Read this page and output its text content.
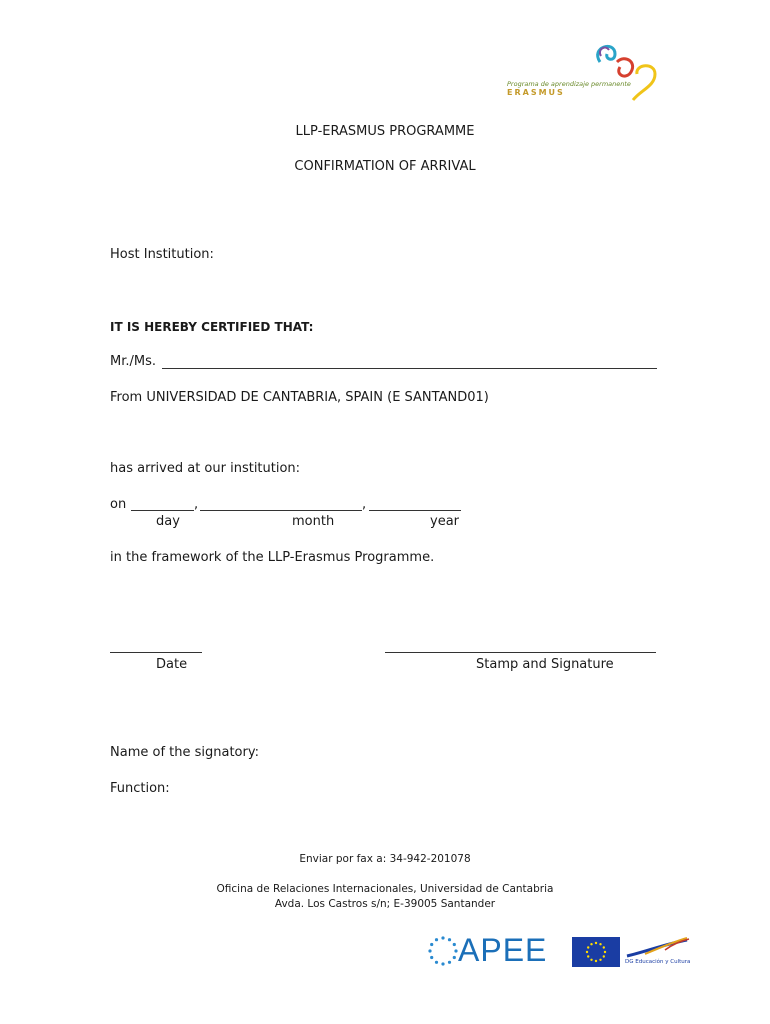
Programa de aprendizaje permanente
ERASMUS
LLP-ERASMUS PROGRAMME
CONFIRMATION OF ARRIVAL
Host Institution:
IT IS HEREBY CERTIFIED THAT:
Mr./Ms.
From UNIVERSIDAD DE CANTABRIA, SPAIN (E SANTAND01)
has arrived at our institution:
on	,	,
day	month	year
in the framework of the LLP-Erasmus Programme.
Date	Stamp and Signature
Name of the signatory:
Function:
Enviar por fax a: 34-942-201078
Oficina de Relaciones Internacionales, Universidad de Cantabria
Avda. Los Castros s/n; E-39005 Santander
APEE	DG Educación y Cultura
